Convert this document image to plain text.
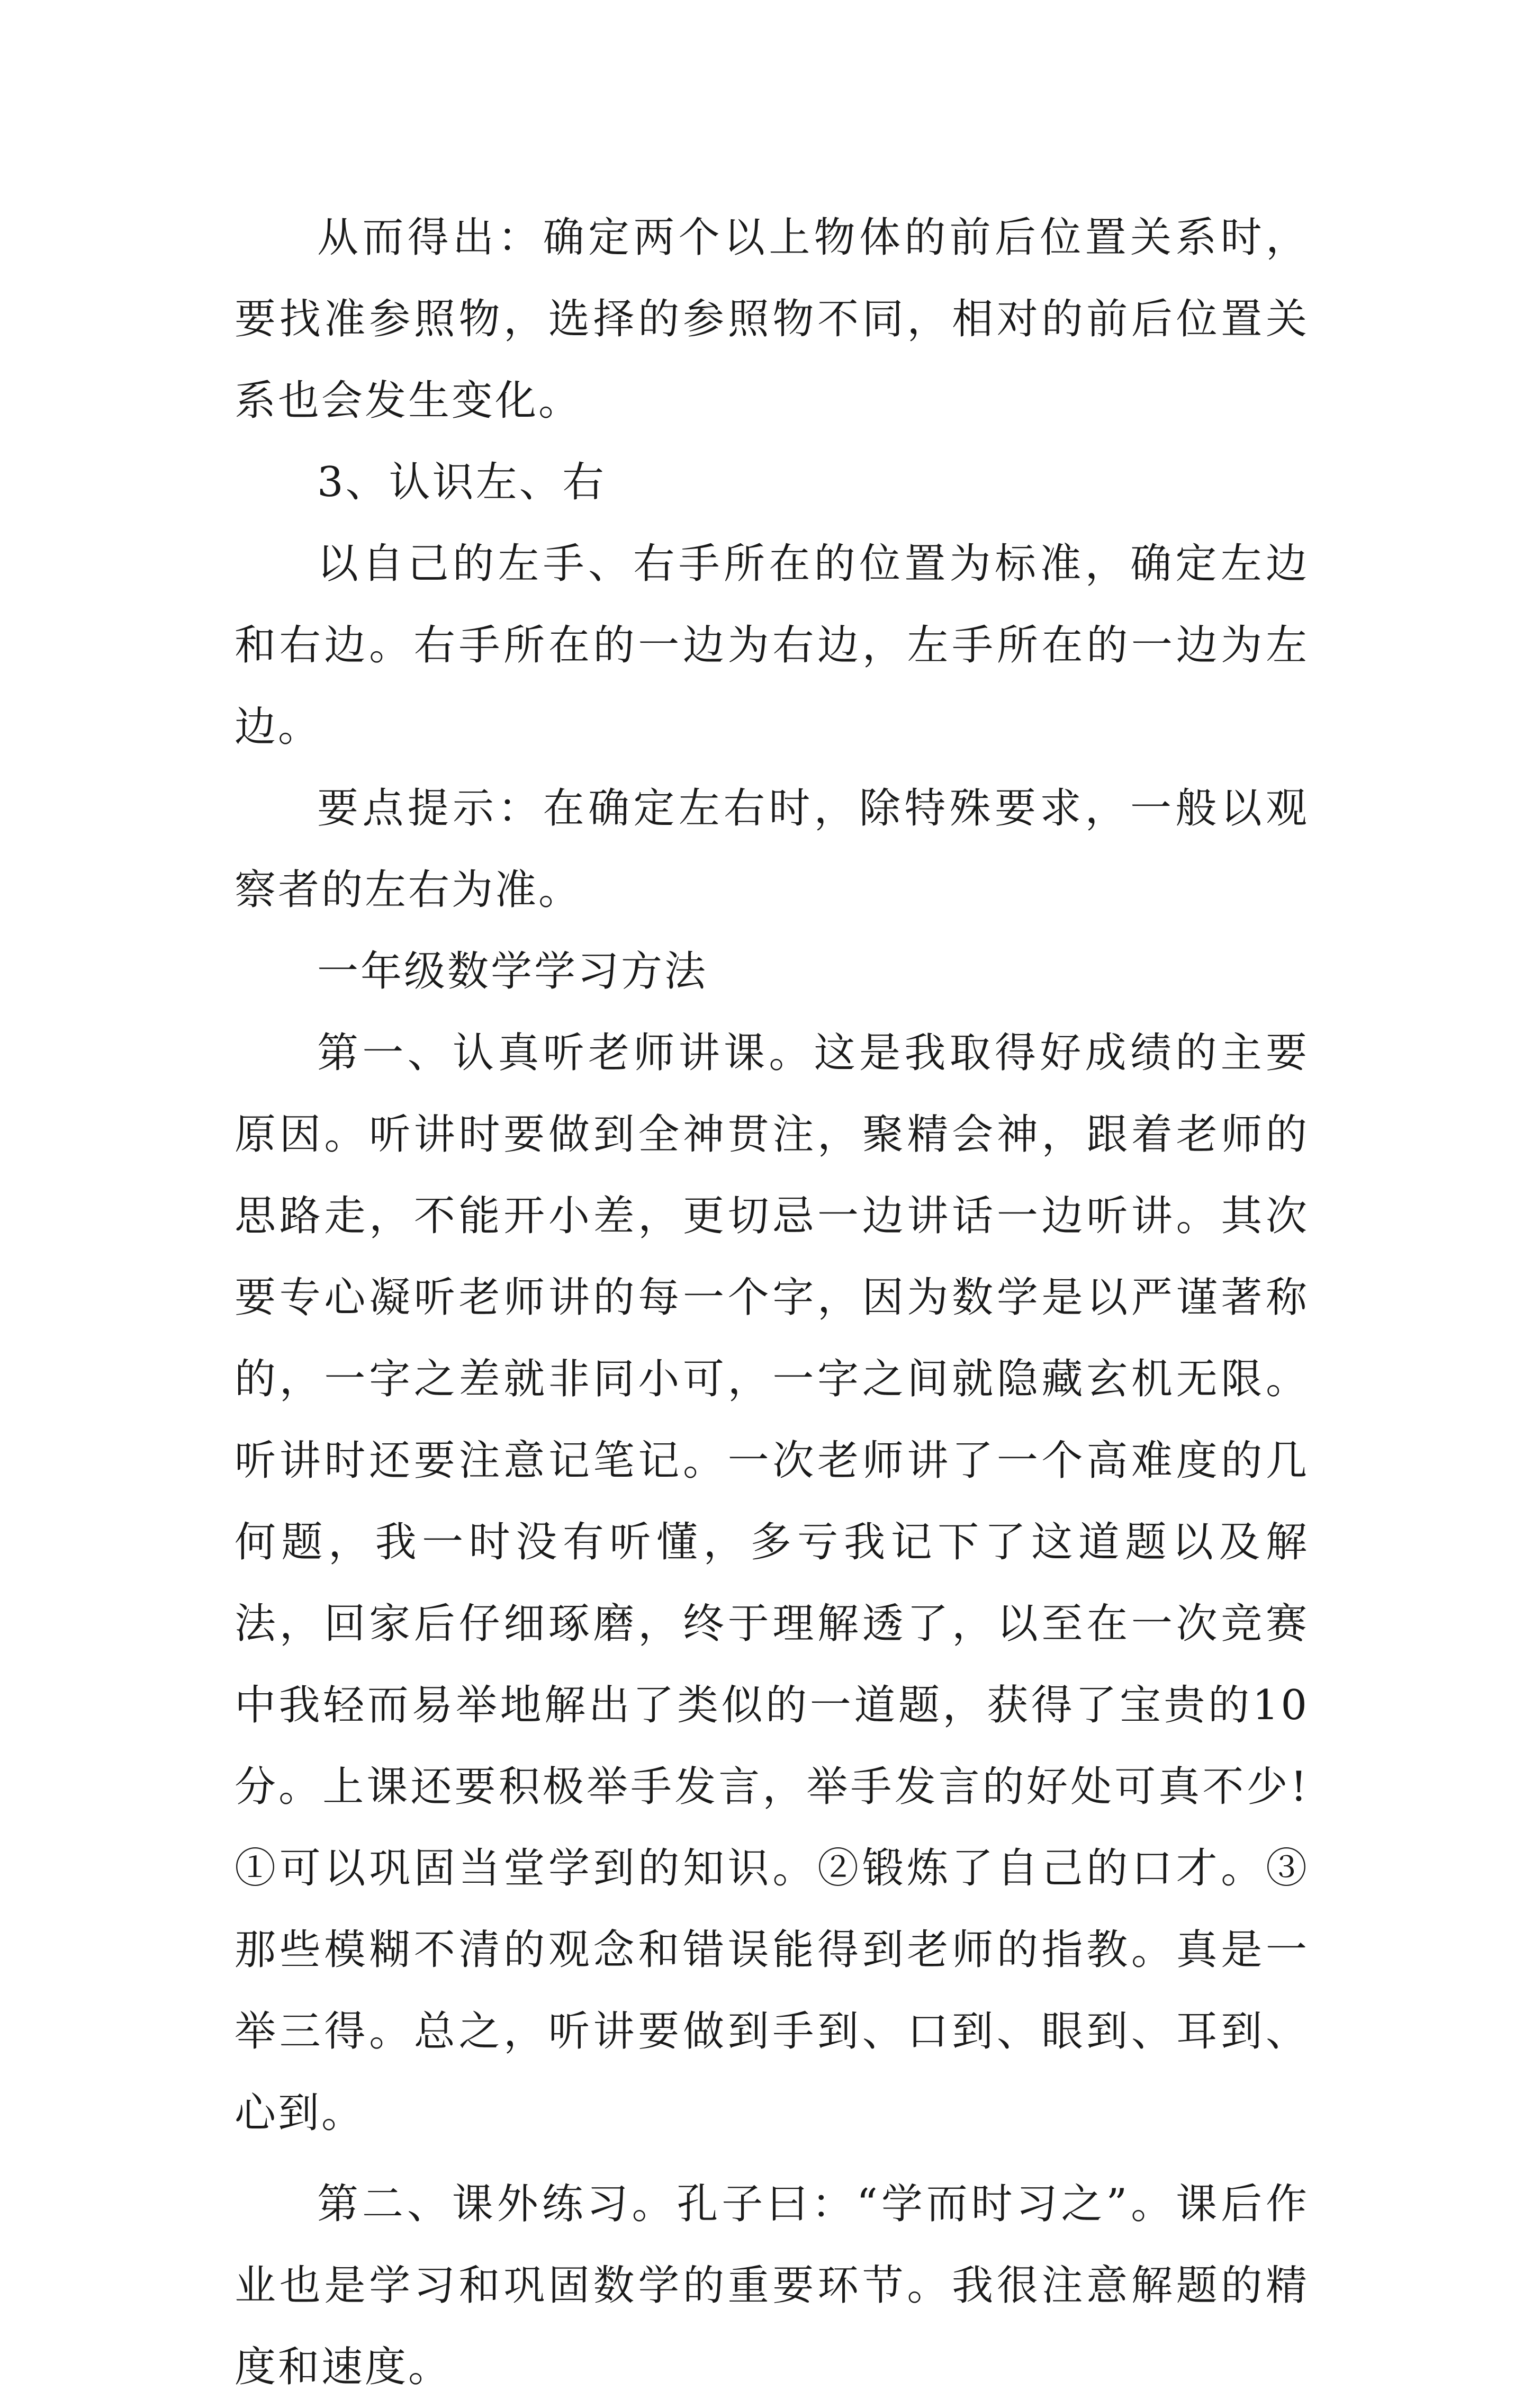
从而得出：确定两个以上物体的前后位置关系时，要找准参照物，选择的参照物不同，相对的前后位置关系也会发生变化。

3、认识左、右

以自己的左手、右手所在的位置为标准，确定左边和右边。右手所在的一边为右边，左手所在的一边为左边。

要点提示：在确定左右时，除特殊要求，一般以观察者的左右为准。

一年级数学学习方法

第一、认真听老师讲课。这是我取得好成绩的主要原因。听讲时要做到全神贯注，聚精会神，跟着老师的思路走，不能开小差，更切忌一边讲话一边听讲。其次要专心凝听老师讲的每一个字，因为数学是以严谨著称的，一字之差就非同小可，一字之间就隐藏玄机无限。听讲时还要注意记笔记。一次老师讲了一个高难度的几何题，我一时没有听懂，多亏我记下了这道题以及解法，回家后仔细琢磨，终于理解透了，以至在一次竞赛中我轻而易举地解出了类似的一道题，获得了宝贵的10分。上课还要积极举手发言，举手发言的好处可真不少!①可以巩固当堂学到的知识。②锻炼了自己的口才。③那些模糊不清的观念和错误能得到老师的指教。真是一举三得。总之，听讲要做到手到、口到、眼到、耳到、心到。

第二、课外练习。孔子曰：“学而时习之”。课后作业也是学习和巩固数学的重要环节。我很注意解题的精度和速度。
